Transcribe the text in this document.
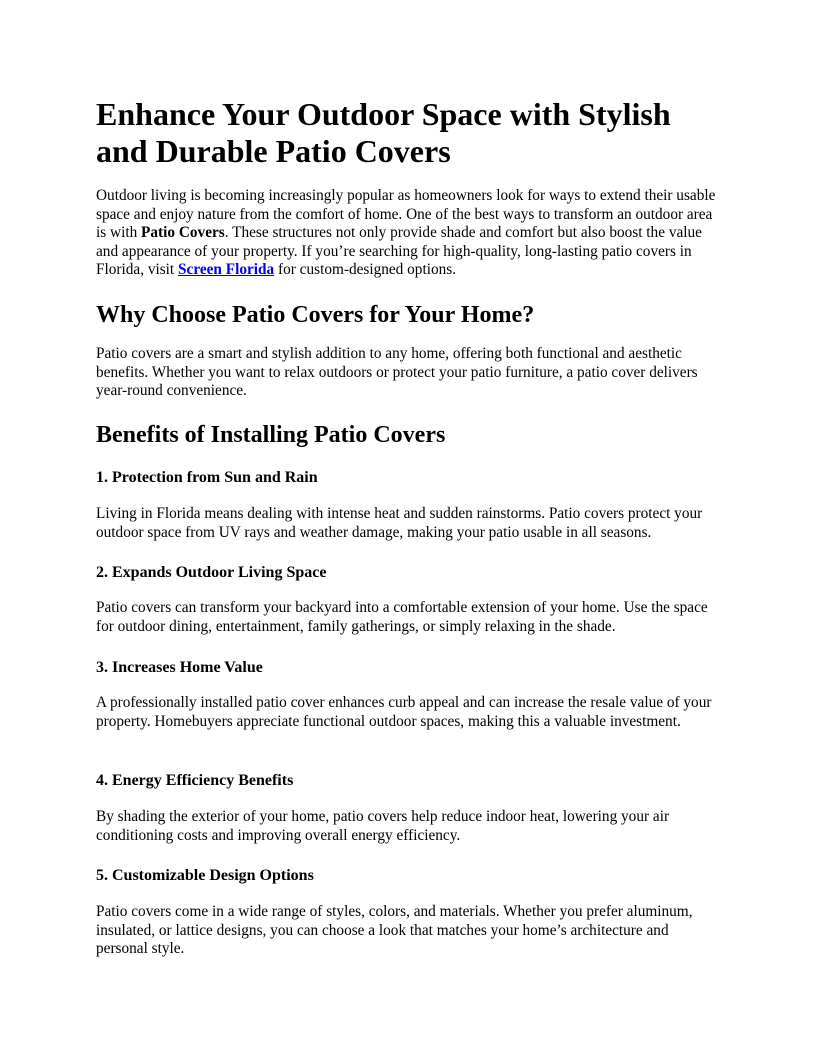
Enhance Your Outdoor Space with Stylish and Durable Patio Covers

Outdoor living is becoming increasingly popular as homeowners look for ways to extend their usable space and enjoy nature from the comfort of home. One of the best ways to transform an outdoor area is with Patio Covers. These structures not only provide shade and comfort but also boost the value and appearance of your property. If you’re searching for high-quality, long-lasting patio covers in Florida, visit Screen Florida for custom-designed options.

Why Choose Patio Covers for Your Home?

Patio covers are a smart and stylish addition to any home, offering both functional and aesthetic benefits. Whether you want to relax outdoors or protect your patio furniture, a patio cover delivers year-round convenience.

Benefits of Installing Patio Covers
1. Protection from Sun and Rain

Living in Florida means dealing with intense heat and sudden rainstorms. Patio covers protect your outdoor space from UV rays and weather damage, making your patio usable in all seasons.

2. Expands Outdoor Living Space

Patio covers can transform your backyard into a comfortable extension of your home. Use the space for outdoor dining, entertainment, family gatherings, or simply relaxing in the shade.

3. Increases Home Value

A professionally installed patio cover enhances curb appeal and can increase the resale value of your property. Homebuyers appreciate functional outdoor spaces, making this a valuable investment.

4. Energy Efficiency Benefits

By shading the exterior of your home, patio covers help reduce indoor heat, lowering your air conditioning costs and improving overall energy efficiency.

5. Customizable Design Options

Patio covers come in a wide range of styles, colors, and materials. Whether you prefer aluminum, insulated, or lattice designs, you can choose a look that matches your home’s architecture and personal style.
